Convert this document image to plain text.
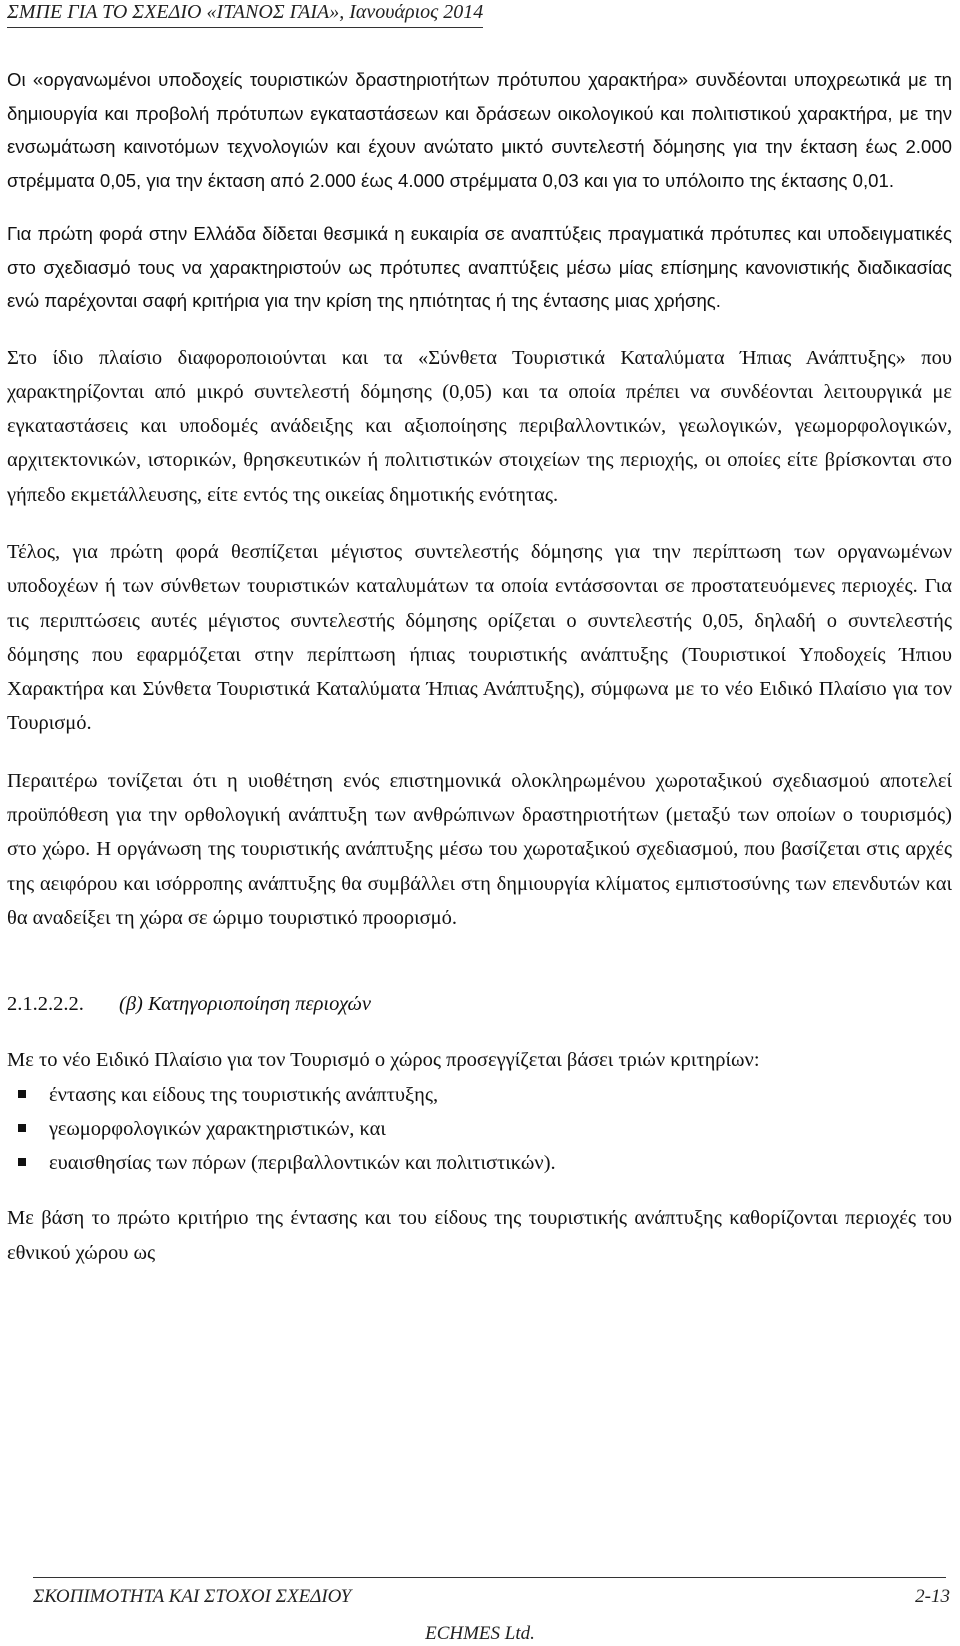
ΣΜΠΕ ΓΙΑ ΤΟ ΣΧΕΔΙΟ «ΙΤΑΝΟΣ ΓΑΙΑ», Ιανουάριος 2014

Οι «οργανωμένοι υποδοχείς τουριστικών δραστηριοτήτων πρότυπου χαρακτήρα» συνδέονται υποχρεωτικά με τη δημιουργία και προβολή πρότυπων εγκαταστάσεων και δράσεων οικολογικού και πολιτιστικού χαρακτήρα, με την ενσωμάτωση καινοτόμων τεχνολογιών και έχουν ανώτατο μικτό συντελεστή δόμησης για την έκταση έως 2.000 στρέμματα 0,05, για την έκταση από 2.000 έως 4.000 στρέμματα 0,03 και για το υπόλοιπο της έκτασης 0,01.

Για πρώτη φορά στην Ελλάδα δίδεται θεσμικά η ευκαιρία σε αναπτύξεις πραγματικά πρότυπες και υποδειγματικές στο σχεδιασμό τους να χαρακτηριστούν ως πρότυπες αναπτύξεις μέσω μίας επίσημης κανονιστικής διαδικασίας ενώ παρέχονται σαφή κριτήρια για την κρίση της ηπιότητας ή της έντασης μιας χρήσης.

Στο ίδιο πλαίσιο διαφοροποιούνται και τα «Σύνθετα Τουριστικά Καταλύματα Ήπιας Ανάπτυξης» που χαρακτηρίζονται από μικρό συντελεστή δόμησης (0,05) και τα οποία πρέπει να συνδέονται λειτουργικά με εγκαταστάσεις και υποδομές ανάδειξης και αξιοποίησης περιβαλλοντικών, γεωλογικών, γεωμορφολογικών, αρχιτεκτονικών, ιστορικών, θρησκευτικών ή πολιτιστικών στοιχείων της περιοχής, οι οποίες είτε βρίσκονται στο γήπεδο εκμετάλλευσης, είτε εντός της οικείας δημοτικής ενότητας.

Τέλος, για πρώτη φορά θεσπίζεται μέγιστος συντελεστής δόμησης για την περίπτωση των οργανωμένων υποδοχέων ή των σύνθετων τουριστικών καταλυμάτων τα οποία εντάσσονται σε προστατευόμενες περιοχές. Για τις περιπτώσεις αυτές μέγιστος συντελεστής δόμησης ορίζεται ο συντελεστής 0,05, δηλαδή ο συντελεστής δόμησης που εφαρμόζεται στην περίπτωση ήπιας τουριστικής ανάπτυξης (Τουριστικοί Υποδοχείς Ήπιου Χαρακτήρα και Σύνθετα Τουριστικά Καταλύματα Ήπιας Ανάπτυξης), σύμφωνα με το νέο Ειδικό Πλαίσιο για τον Τουρισμό.

Περαιτέρω τονίζεται ότι η υιοθέτηση ενός επιστημονικά ολοκληρωμένου χωροταξικού σχεδιασμού αποτελεί προϋπόθεση για την ορθολογική ανάπτυξη των ανθρώπινων δραστηριοτήτων (μεταξύ των οποίων ο τουρισμός) στο χώρο. Η οργάνωση της τουριστικής ανάπτυξης μέσω του χωροταξικού σχεδιασμού, που βασίζεται στις αρχές της αειφόρου και ισόρροπης ανάπτυξης θα συμβάλλει στη δημιουργία κλίματος εμπιστοσύνης των επενδυτών και θα αναδείξει τη χώρα σε ώριμο τουριστικό προορισμό.

2.1.2.2.2.	(β) Κατηγοριοποίηση περιοχών

Με το νέο Ειδικό Πλαίσιο για τον Τουρισμό ο χώρος προσεγγίζεται βάσει τριών κριτηρίων:

έντασης και είδους της τουριστικής ανάπτυξης,
γεωμορφολογικών χαρακτηριστικών, και
ευαισθησίας των πόρων (περιβαλλοντικών και πολιτιστικών).

Με βάση το πρώτο κριτήριο της έντασης και του είδους της τουριστικής ανάπτυξης καθορίζονται περιοχές του εθνικού χώρου ως

ΣΚΟΠΙΜΟΤΗΤΑ ΚΑΙ ΣΤΟΧΟΙ ΣΧΕΔΙΟΥ	2-13
ECHMES Ltd.
